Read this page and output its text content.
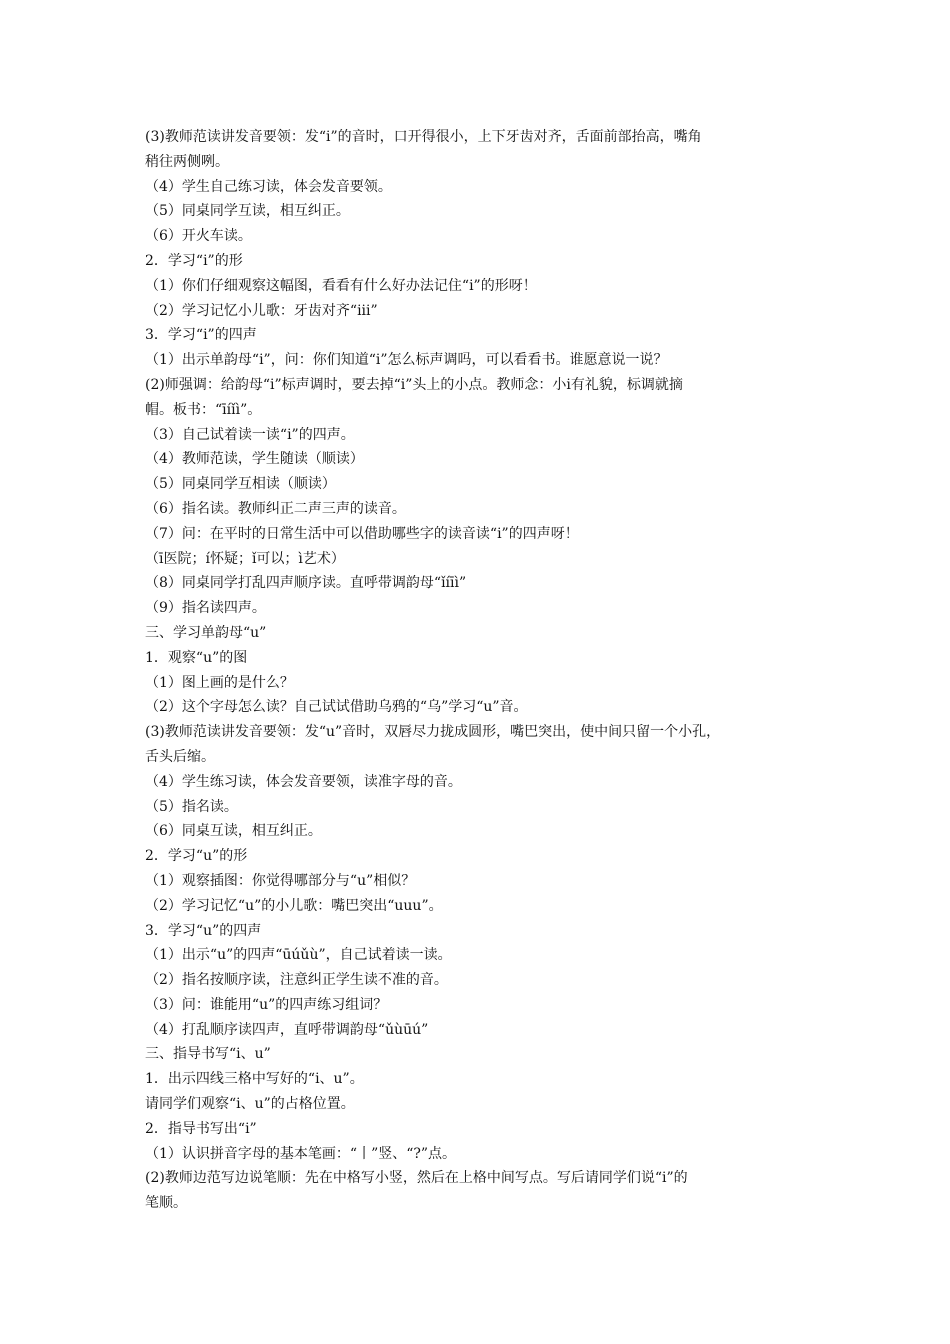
(3)教师范读讲发音要领：发“i”的音时，口开得很小，上下牙齿对齐，舌面前部抬高，嘴角

稍往两侧咧。

（4）学生自己练习读，体会发音要领。

（5）同桌同学互读，相互纠正。

（6）开火车读。

2．学习“i”的形

（1）你们仔细观察这幅图，看看有什么好办法记住“i”的形呀！

（2）学习记忆小儿歌：牙齿对齐“iii”

3．学习“i”的四声

（1）出示单韵母“i”，问：你们知道“i”怎么标声调吗，可以看看书。谁愿意说一说？

(2)师强调：给韵母“i”标声调时，要去掉“i”头上的小点。教师念：小i有礼貌，标调就摘

帽。板书：“īíǐì”。

（3）自己试着读一读“i”的四声。

（4）教师范读，学生随读（顺读）

（5）同桌同学互相读（顺读）

（6）指名读。教师纠正二声三声的读音。

（7）问：在平时的日常生活中可以借助哪些字的读音读“i”的四声呀！

（ī医院；í怀疑；ǐ可以；ì艺术）

（8）同桌同学打乱四声顺序读。直呼带调韵母“ǐíīì”

（9）指名读四声。

三、学习单韵母“u”

1．观察“u”的图

（1）图上画的是什么？

（2）这个字母怎么读？自己试试借助乌鸦的“乌”学习“u”音。

(3)教师范读讲发音要领：发“u”音时，双唇尽力拢成圆形，嘴巴突出，使中间只留一个小孔，

舌头后缩。

（4）学生练习读，体会发音要领，读准字母的音。

（5）指名读。

（6）同桌互读，相互纠正。

2．学习“u”的形

（1）观察插图：你觉得哪部分与“u”相似？

（2）学习记忆“u”的小儿歌：嘴巴突出“uuu”。

3．学习“u”的四声

（1）出示“u”的四声“ūúǔù”，自己试着读一读。

（2）指名按顺序读，注意纠正学生读不准的音。

（3）问：谁能用“u”的四声练习组词？

（4）打乱顺序读四声，直呼带调韵母“ǔùūú”

三、指导书写“i、u”

1．出示四线三格中写好的“i、u”。

请同学们观察“i、u”的占格位置。

2．指导书写出“i”

（1）认识拼音字母的基本笔画：“丨”竖、“?”点。

(2)教师边范写边说笔顺：先在中格写小竖，然后在上格中间写点。写后请同学们说“i”的

笔顺。
